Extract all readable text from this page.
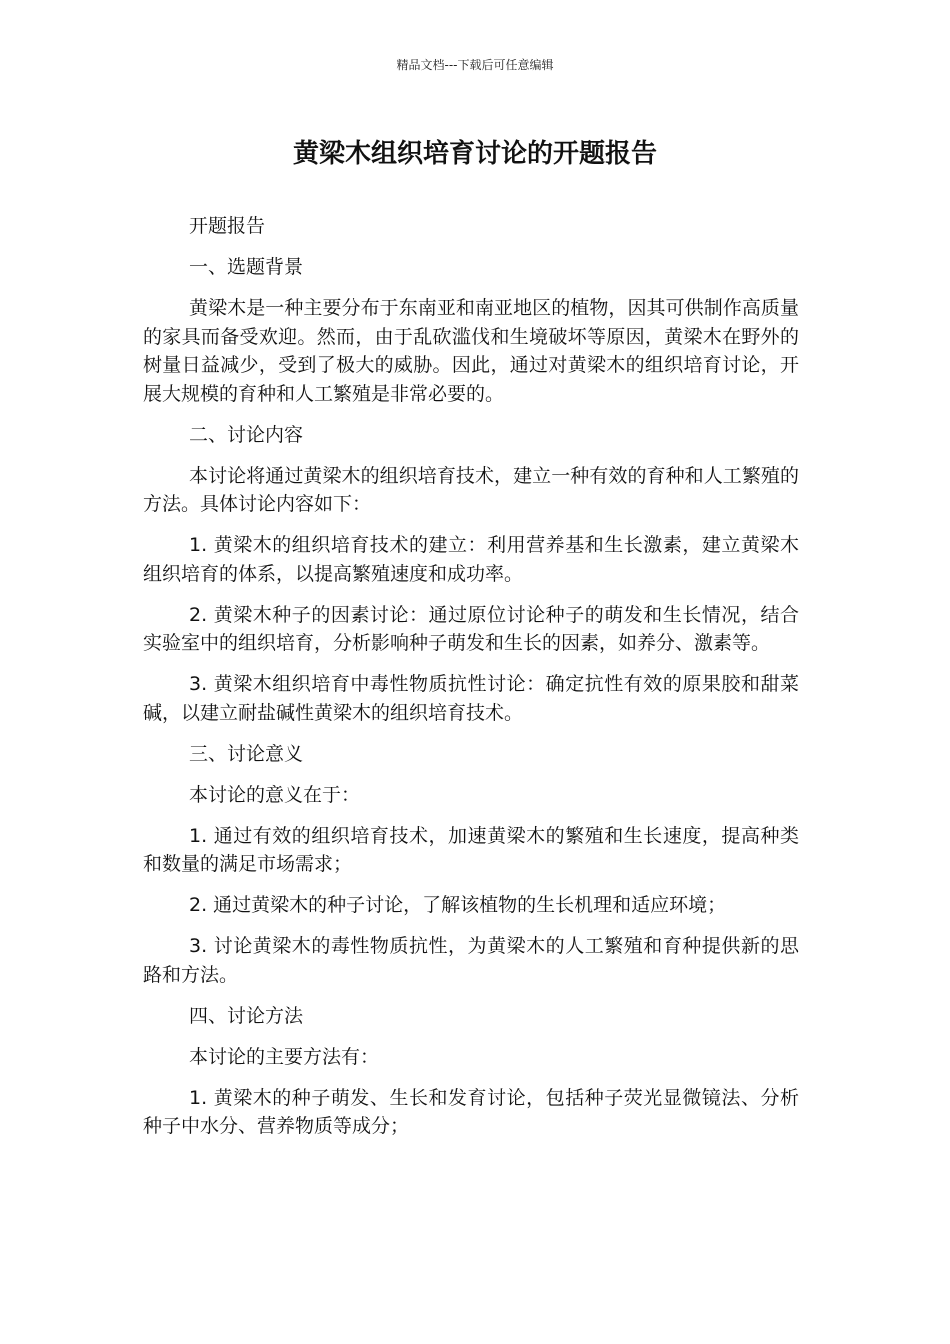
精品文档---下载后可任意编辑
黄梁木组织培育讨论的开题报告

开题报告

一、选题背景

黄梁木是一种主要分布于东南亚和南亚地区的植物，因其可供制作高质量的家具而备受欢迎。然而，由于乱砍滥伐和生境破坏等原因，黄梁木在野外的树量日益减少，受到了极大的威胁。因此，通过对黄梁木的组织培育讨论，开展大规模的育种和人工繁殖是非常必要的。

二、讨论内容

本讨论将通过黄梁木的组织培育技术，建立一种有效的育种和人工繁殖的方法。具体讨论内容如下：

1. 黄梁木的组织培育技术的建立：利用营养基和生长激素，建立黄梁木组织培育的体系，以提高繁殖速度和成功率。

2. 黄梁木种子的因素讨论：通过原位讨论种子的萌发和生长情况，结合实验室中的组织培育，分析影响种子萌发和生长的因素，如养分、激素等。

3. 黄梁木组织培育中毒性物质抗性讨论：确定抗性有效的原果胶和甜菜碱，以建立耐盐碱性黄梁木的组织培育技术。

三、讨论意义

本讨论的意义在于：

1. 通过有效的组织培育技术，加速黄梁木的繁殖和生长速度，提高种类和数量的满足市场需求；

2. 通过黄梁木的种子讨论，了解该植物的生长机理和适应环境；

3. 讨论黄梁木的毒性物质抗性，为黄梁木的人工繁殖和育种提供新的思路和方法。

四、讨论方法

本讨论的主要方法有：

1. 黄梁木的种子萌发、生长和发育讨论，包括种子荧光显微镜法、分析种子中水分、营养物质等成分；
